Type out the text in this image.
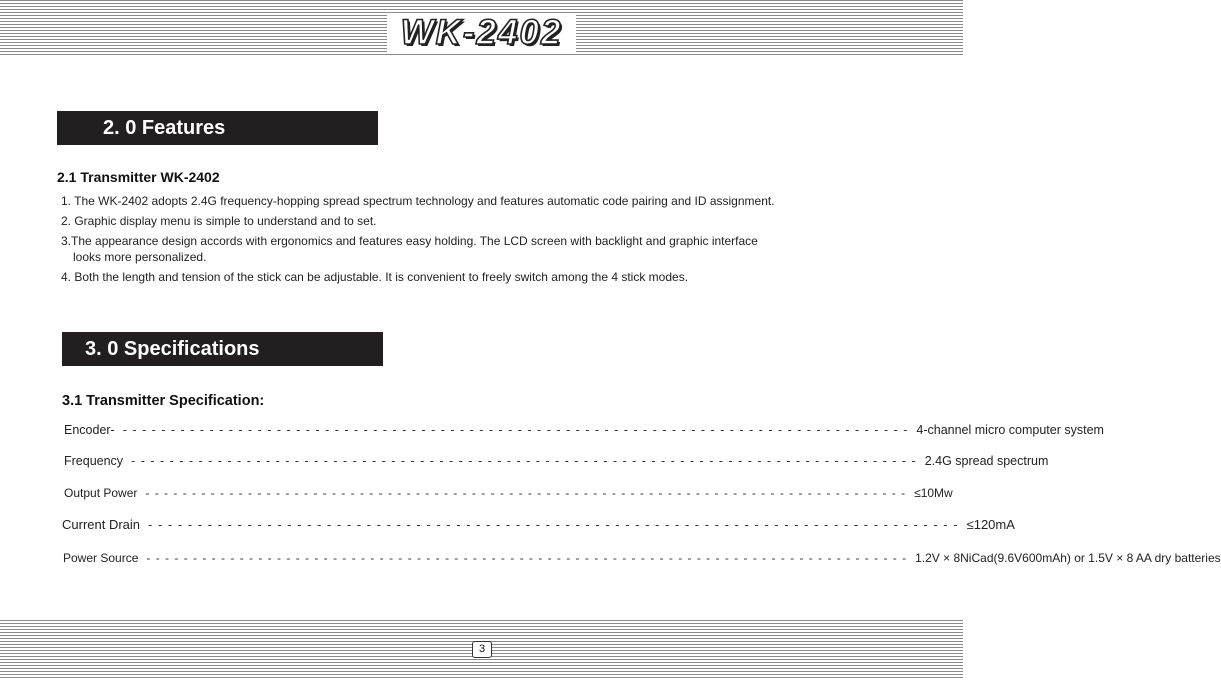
WK-2402
2. 0 Features
2.1 Transmitter WK-2402

1. The WK-2402 adopts 2.4G frequency-hopping spread spectrum technology and features automatic code pairing and ID assignment.

2. Graphic display menu is simple to understand and to set.

3.The appearance design accords with ergonomics and features easy holding. The LCD screen with backlight and graphic interface
looks more personalized.

4. Both the length and tension of the stick can be adjustable. It is convenient to freely switch among the 4 stick modes.

3. 0 Specifications
3.1 Transmitter Specification:
Encoder- - - - - - - - - - - - - - - - - - - - - - - - - - - - - - - - - - - - - - - - - - - - - - - - - - - - - - - - - - - - - - - - - - - - - - - - - - - - - - - - - - - 4-channel micro computer system
Frequency - - - - - - - - - - - - - - - - - - - - - - - - - - - - - - - - - - - - - - - - - - - - - - - - - - - - - - - - - - - - - - - - - - - - - - - - - - - - - - - - - - 2.4G spread spectrum
Output Power - - - - - - - - - - - - - - - - - - - - - - - - - - - - - - - - - - - - - - - - - - - - - - - - - - - - - - - - - - - - - - - - - - - - - - - - - - - - - - - - - - ≤10Mw
Current Drain - - - - - - - - - - - - - - - - - - - - - - - - - - - - - - - - - - - - - - - - - - - - - - - - - - - - - - - - - - - - - - - - - - - - - - - - - - - - - - - - - - ≤120mA
Power Source - - - - - - - - - - - - - - - - - - - - - - - - - - - - - - - - - - - - - - - - - - - - - - - - - - - - - - - - - - - - - - - - - - - - - - - - - - - - - - - - - - 1.2V × 8NiCad(9.6V600mAh) or 1.5V × 8 AA dry batteries
3
